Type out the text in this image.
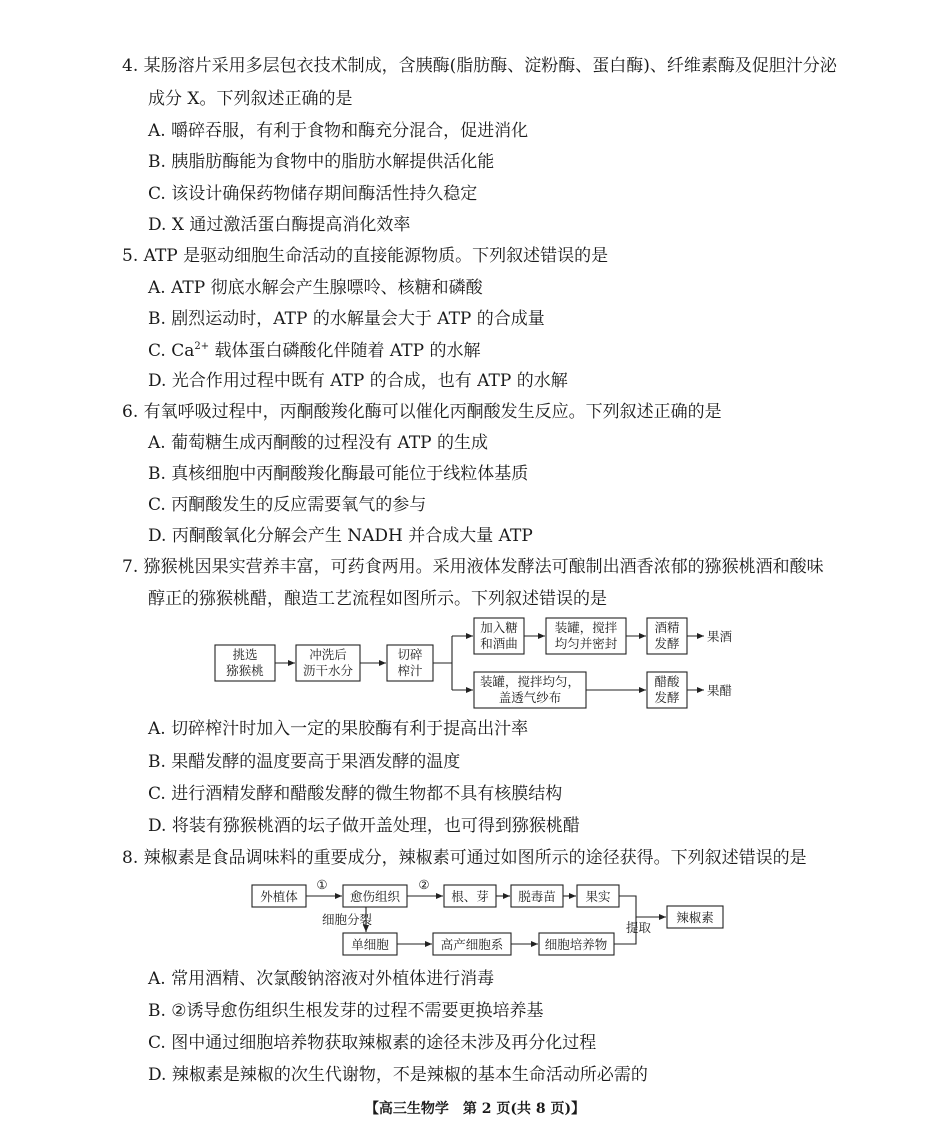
4. 某肠溶片采用多层包衣技术制成，含胰酶(脂肪酶、淀粉酶、蛋白酶)、纤维素酶及促胆汁分泌
成分 X。下列叙述正确的是
A. 嚼碎吞服，有利于食物和酶充分混合，促进消化
B. 胰脂肪酶能为食物中的脂肪水解提供活化能
C. 该设计确保药物储存期间酶活性持久稳定
D. X 通过激活蛋白酶提高消化效率
5. ATP 是驱动细胞生命活动的直接能源物质。下列叙述错误的是
A. ATP 彻底水解会产生腺嘌呤、核糖和磷酸
B. 剧烈运动时，ATP 的水解量会大于 ATP 的合成量
C. $Ca^{2+}$ 载体蛋白磷酸化伴随着 ATP 的水解
D. 光合作用过程中既有 ATP 的合成，也有 ATP 的水解
6. 有氧呼吸过程中，丙酮酸羧化酶可以催化丙酮酸发生反应。下列叙述正确的是
A. 葡萄糖生成丙酮酸的过程没有 ATP 的生成
B. 真核细胞中丙酮酸羧化酶最可能位于线粒体基质
C. 丙酮酸发生的反应需要氧气的参与
D. 丙酮酸氧化分解会产生 NADH 并合成大量 ATP
7. 猕猴桃因果实营养丰富，可药食两用。采用液体发酵法可酿制出酒香浓郁的猕猴桃酒和酸味
醇正的猕猴桃醋，酿造工艺流程如图所示。下列叙述错误的是
挑选
猕猴桃
冲洗后
沥干水分
切碎
榨汁
加入糖
和酒曲
装罐，搅拌
均匀并密封
酒精
发酵 果酒
装罐，搅拌均匀，
盖透气纱布
醋酸
发酵 果醋
外植体
①
愈伤组织
②
根、芽 脱毒苗 果实
提取
辣椒素
细胞分裂
单细胞	高产细胞系	细胞培养物
A. 切碎榨汁时加入一定的果胶酶有利于提高出汁率
B. 果醋发酵的温度要高于果酒发酵的温度
C. 进行酒精发酵和醋酸发酵的微生物都不具有核膜结构
D. 将装有猕猴桃酒的坛子做开盖处理，也可得到猕猴桃醋
8. 辣椒素是食品调味料的重要成分，辣椒素可通过如图所示的途径获得。下列叙述错误的是
A. 常用酒精、次氯酸钠溶液对外植体进行消毒
B. ②诱导愈伤组织生根发芽的过程不需要更换培养基
C. 图中通过细胞培养物获取辣椒素的途径未涉及再分化过程
D. 辣椒素是辣椒的次生代谢物，不是辣椒的基本生命活动所必需的
【高三生物学　第 2 页(共 8 页)】
